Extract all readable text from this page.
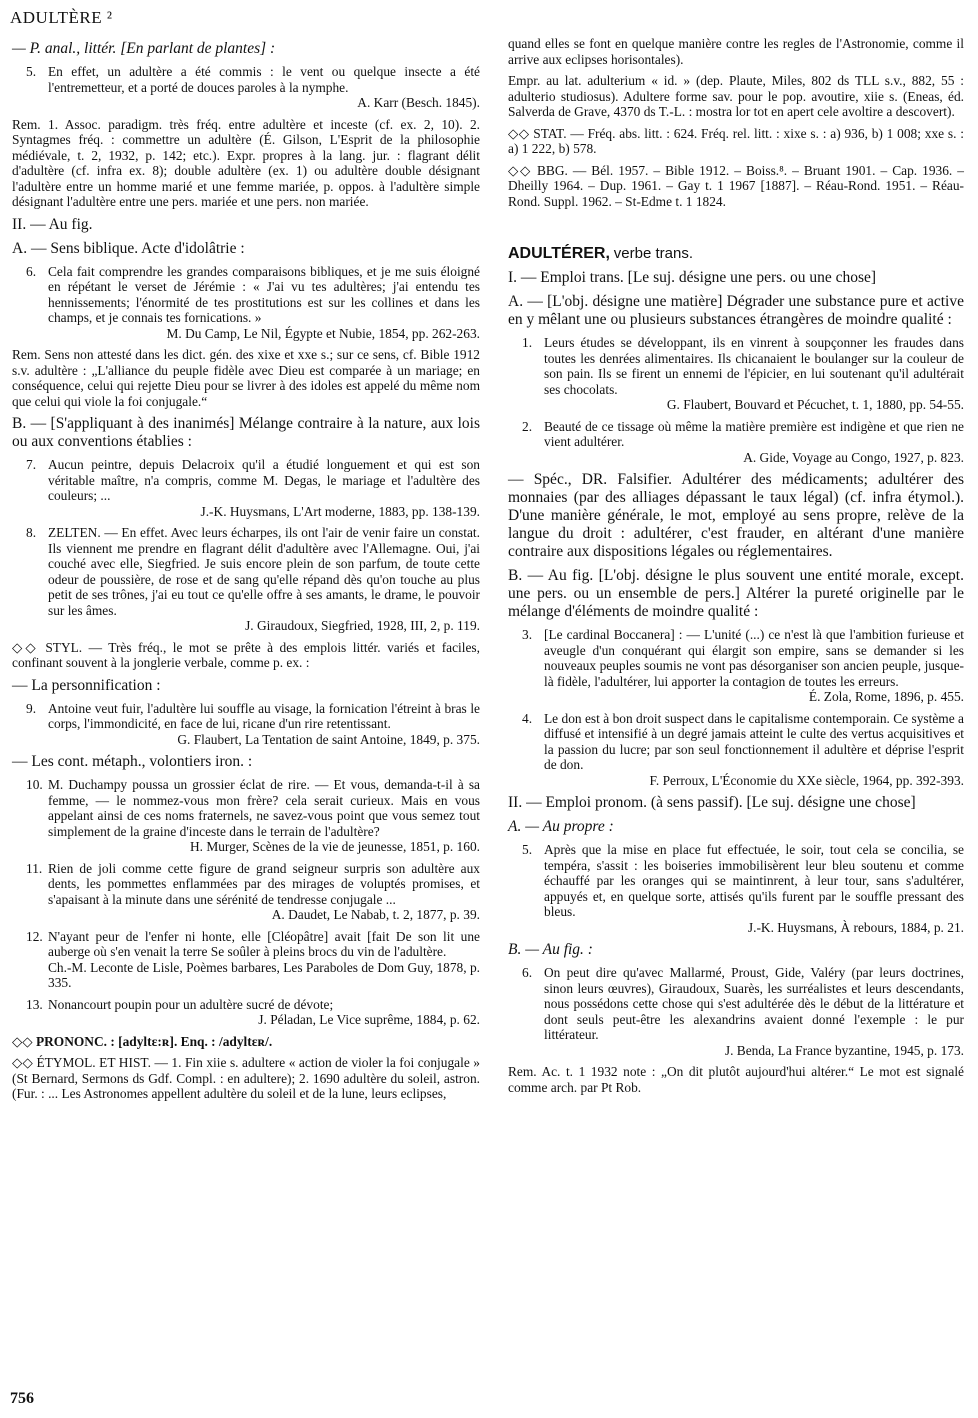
ADULTÈRE ²

— P. anal., littér. [En parlant de plantes] :

5. En effet, un adultère a été commis : le vent ou quelque insecte a été l'entremetteur, et a porté de douces paroles à la nymphe.
A. Karr (Besch. 1845).

Rem. 1. Assoc. paradigm. très fréq. entre adultère et inceste (cf. ex. 2, 10). 2. Syntagmes fréq. : commettre un adultère (É. Gilson, L'Esprit de la philosophie médiévale, t. 2, 1932, p. 142; etc.). Expr. propres à la lang. jur. : flagrant délit d'adultère (cf. infra ex. 8); double adultère (ex. 1) ou adultère double désignant l'adultère entre un homme marié et une femme mariée, p. oppos. à l'adultère simple désignant l'adultère entre une pers. mariée et une pers. non mariée.

II. — Au fig.

A. — Sens biblique. Acte d'idolâtrie :

6. Cela fait comprendre les grandes comparaisons bibliques, et je me suis éloigné en répétant le verset de Jérémie : « J'ai vu tes adultères; j'ai entendu tes hennissements; l'énormité de tes prostitutions est sur les collines et dans les champs, et je connais tes fornications. »
M. Du Camp, Le Nil, Égypte et Nubie, 1854, pp. 262-263.

Rem. Sens non attesté dans les dict. gén. des xixe et xxe s.; sur ce sens, cf. Bible 1912 s.v. adultère : „L'alliance du peuple fidèle avec Dieu est comparée à un mariage; en conséquence, celui qui rejette Dieu pour se livrer à des idoles est appelé du même nom que celui qui viole la foi conjugale.“

B. — [S'appliquant à des inanimés] Mélange contraire à la nature, aux lois ou aux conventions établies :

7. Aucun peintre, depuis Delacroix qu'il a étudié longuement et qui est son véritable maître, n'a compris, comme M. Degas, le mariage et l'adultère des couleurs; ...
J.-K. Huysmans, L'Art moderne, 1883, pp. 138-139.
8. ZELTEN. — En effet. Avec leurs écharpes, ils ont l'air de venir faire un constat. Ils viennent me prendre en flagrant délit d'adultère avec l'Allemagne. Oui, j'ai couché avec elle, Siegfried. Je suis encore plein de son parfum, de toute cette odeur de poussière, de rose et de sang qu'elle répand dès qu'on touche au plus petit de ses trônes, j'ai eu tout ce qu'elle offre à ses amants, le drame, le pouvoir sur les âmes.
J. Giraudoux, Siegfried, 1928, III, 2, p. 119.

◇◇ STYL. — Très fréq., le mot se prête à des emplois littér. variés et faciles, confinant souvent à la jonglerie verbale, comme p. ex. :

— La personnification :

9. Antoine veut fuir, l'adultère lui souffle au visage, la fornication l'étreint à bras le corps, l'immondicité, en face de lui, ricane d'un rire retentissant.
G. Flaubert, La Tentation de saint Antoine, 1849, p. 375.

— Les cont. métaph., volontiers iron. :

10. M. Duchampy poussa un grossier éclat de rire. — Et vous, demanda-t-il à sa femme, — le nommez-vous mon frère? cela serait curieux. Mais en vous appelant ainsi de ces noms fraternels, ne savez-vous point que vous semez tout simplement de la graine d'inceste dans le terrain de l'adultère?
H. Murger, Scènes de la vie de jeunesse, 1851, p. 160.
11. Rien de joli comme cette figure de grand seigneur surpris son adultère aux dents, les pommettes enflammées par des mirages de voluptés promises, et s'apaisant à la minute dans une sérénité de tendresse conjugale ...
A. Daudet, Le Nabab, t. 2, 1877, p. 39.
12. N'ayant peur de l'enfer ni honte, elle [Cléopâtre] avait [fait De son lit une auberge où s'en venait la terre Se soûler à pleins brocs du vin de l'adultère.
Ch.-M. Leconte de Lisle, Poèmes barbares, Les Paraboles de Dom Guy, 1878, p. 335.
13. Nonancourt poupin pour un adultère sucré de dévote;
J. Péladan, Le Vice suprême, 1884, p. 62.

◇◇ PRONONC. : [adyltɛ:ʀ]. Enq. : /adyltɛʀ/.

◇◇ ÉTYMOL. ET HIST. — 1. Fin xiie s. adultere « action de violer la foi conjugale » (St Bernard, Sermons ds Gdf. Compl. : en adultere); 2. 1690 adultère du soleil, astron. (Fur. : ... Les Astronomes appellent adultère du soleil et de la lune, leurs eclipses,

quand elles se font en quelque manière contre les regles de l'Astronomie, comme il arrive aux eclipses horisontales).

Empr. au lat. adulterium « id. » (dep. Plaute, Miles, 802 ds TLL s.v., 882, 55 : adulterio studiosus). Adultere forme sav. pour le pop. avoutire, xiie s. (Eneas, éd. Salverda de Grave, 4370 ds T.-L. : mostra lor tot en apert cele avoltire a descovert).

◇◇ STAT. — Fréq. abs. litt. : 624. Fréq. rel. litt. : xixe s. : a) 936, b) 1 008; xxe s. : a) 1 222, b) 578.

◇◇ BBG. — Bél. 1957. – Bible 1912. – Boiss.⁸. – Bruant 1901. – Cap. 1936. – Dheilly 1964. – Dup. 1961. – Gay t. 1 1967 [1887]. – Réau-Rond. 1951. – Réau-Rond. Suppl. 1962. – St-Edme t. 1 1824.

ADULTÉRER, verbe trans.

I. — Emploi trans. [Le suj. désigne une pers. ou une chose]

A. — [L'obj. désigne une matière] Dégrader une substance pure et active en y mêlant une ou plusieurs substances étrangères de moindre qualité :

1. Leurs études se développant, ils en vinrent à soupçonner les fraudes dans toutes les denrées alimentaires. Ils chicanaient le boulanger sur la couleur de son pain. Ils se firent un ennemi de l'épicier, en lui soutenant qu'il adultérait ses chocolats.
G. Flaubert, Bouvard et Pécuchet, t. 1, 1880, pp. 54-55.
2. Beauté de ce tissage où même la matière première est indigène et que rien ne vient adultérer.
A. Gide, Voyage au Congo, 1927, p. 823.

— Spéc., DR. Falsifier. Adultérer des médicaments; adultérer des monnaies (par des alliages dépassant le taux légal) (cf. infra étymol.). D'une manière générale, le mot, employé au sens propre, relève de la langue du droit : adultérer, c'est frauder, en altérant d'une manière contraire aux dispositions légales ou réglementaires.

B. — Au fig. [L'obj. désigne le plus souvent une entité morale, except. une pers. ou un ensemble de pers.] Altérer la pureté originelle par le mélange d'éléments de moindre qualité :

3. [Le cardinal Boccanera] : — L'unité (...) ce n'est là que l'ambition furieuse et aveugle d'un conquérant qui élargit son empire, sans se demander si les nouveaux peuples soumis ne vont pas désorganiser son ancien peuple, jusque-là fidèle, l'adultérer, lui apporter la contagion de toutes les erreurs.
É. Zola, Rome, 1896, p. 455.
4. Le don est à bon droit suspect dans le capitalisme contemporain. Ce système a diffusé et intensifié à un degré jamais atteint le culte des vertus acquisitives et la passion du lucre; par son seul fonctionnement il adultère et déprise l'esprit de don.
F. Perroux, L'Économie du XXe siècle, 1964, pp. 392-393.

II. — Emploi pronom. (à sens passif). [Le suj. désigne une chose]

A. — Au propre :

5. Après que la mise en place fut effectuée, le soir, tout cela se concilia, se tempéra, s'assit : les boiseries immobilisèrent leur bleu soutenu et comme échauffé par les oranges qui se maintinrent, à leur tour, sans s'adultérer, appuyés et, en quelque sorte, attisés qu'ils furent par le souffle pressant des bleus.
J.-K. Huysmans, À rebours, 1884, p. 21.

B. — Au fig. :

6. On peut dire qu'avec Mallarmé, Proust, Gide, Valéry (par leurs doctrines, sinon leurs œuvres), Giraudoux, Suarès, les surréalistes et leurs descendants, nous possédons cette chose qui s'est adultérée dès le début de la littérature et dont seuls peut-être les alexandrins avaient donné l'exemple : le pur littérateur.
J. Benda, La France byzantine, 1945, p. 173.

Rem. Ac. t. 1 1932 note : „On dit plutôt aujourd'hui altérer.“ Le mot est signalé comme arch. par Pt Rob.

756
